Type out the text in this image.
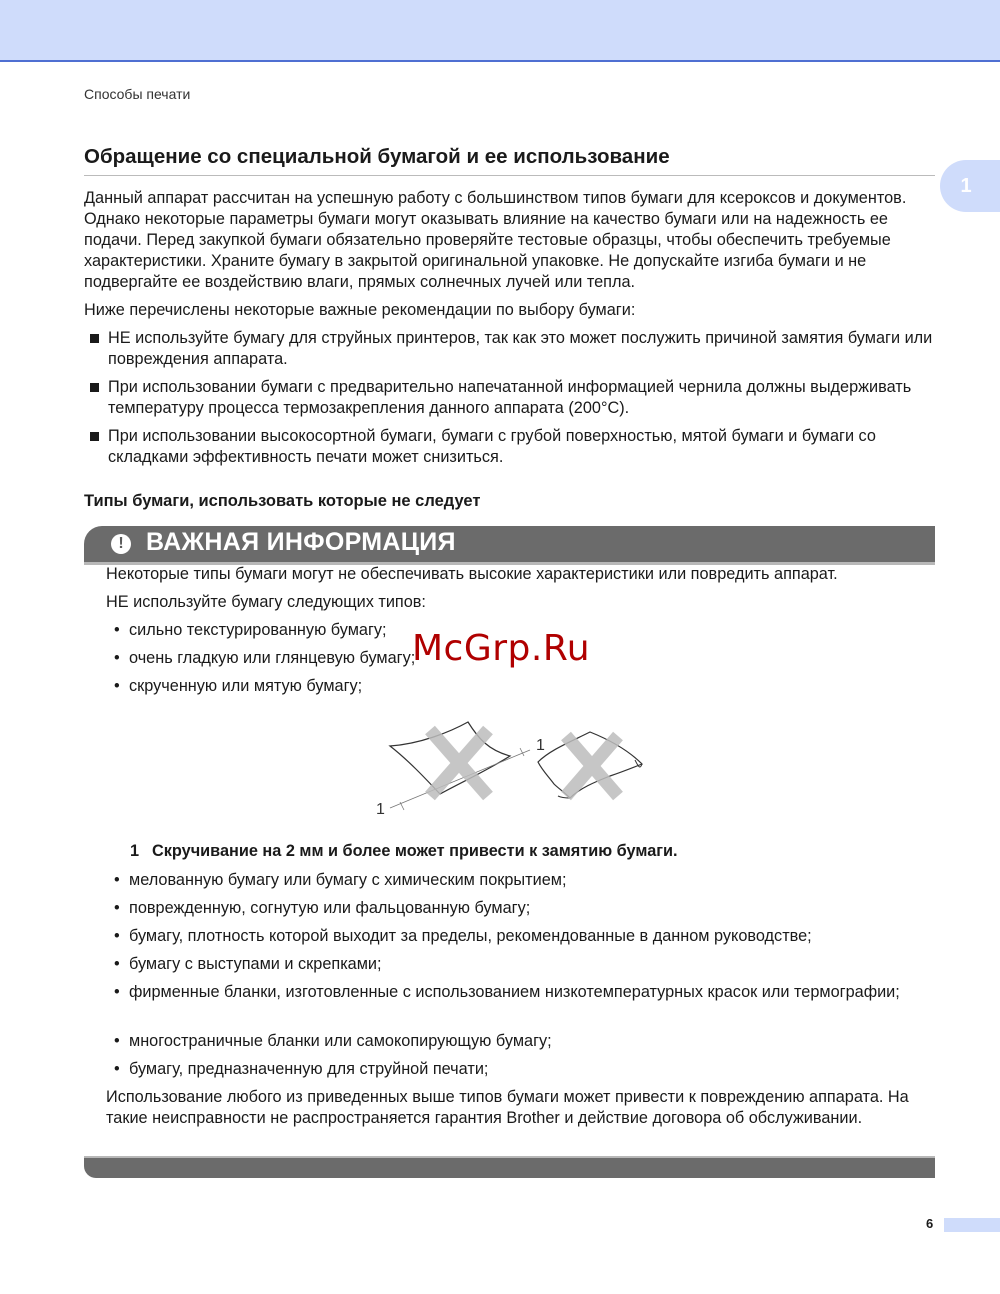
Способы печати
1
Обращение со специальной бумагой и ее использование

Данный аппарат рассчитан на успешную работу с большинством типов бумаги для ксероксов и документов. Однако некоторые параметры бумаги могут оказывать влияние на качество бумаги или на надежность ее подачи. Перед закупкой бумаги обязательно проверяйте тестовые образцы, чтобы обеспечить требуемые характеристики. Храните бумагу в закрытой оригинальной упаковке. Не допускайте изгиба бумаги и не подвергайте ее воздействию влаги, прямых солнечных лучей или тепла.

Ниже перечислены некоторые важные рекомендации по выбору бумаги:

НЕ используйте бумагу для струйных принтеров, так как это может послужить причиной замятия бумаги или повреждения аппарата.
При использовании бумаги с предварительно напечатанной информацией чернила должны выдерживать температуру процесса термозакрепления данного аппарата (200°C).
При использовании высокосортной бумаги, бумаги с грубой поверхностью, мятой бумаги и бумаги со складками эффективность печати может снизиться.
Типы бумаги, использовать которые не следует
! ВАЖНАЯ ИНФОРМАЦИЯ

Некоторые типы бумаги могут не обеспечивать высокие характеристики или повредить аппарат.

НЕ используйте бумагу следующих типов:

• сильно текстурированную бумагу;
• очень гладкую или глянцевую бумагу;
• скрученную или мятую бумагу;
McGrp.Ru
1
1
1 Скручивание на 2 мм и более может привести к замятию бумаги.
• мелованную бумагу или бумагу с химическим покрытием;
• поврежденную, согнутую или фальцованную бумагу;
• бумагу, плотность которой выходит за пределы, рекомендованные в данном руководстве;
• бумагу с выступами и скрепками;
• фирменные бланки, изготовленные с использованием низкотемпературных красок или термографии;
• многостраничные бланки или самокопирующую бумагу;
• бумагу, предназначенную для струйной печати;

Использование любого из приведенных выше типов бумаги может привести к повреждению аппарата. На такие неисправности не распространяется гарантия Brother и действие договора об обслуживании.

6
